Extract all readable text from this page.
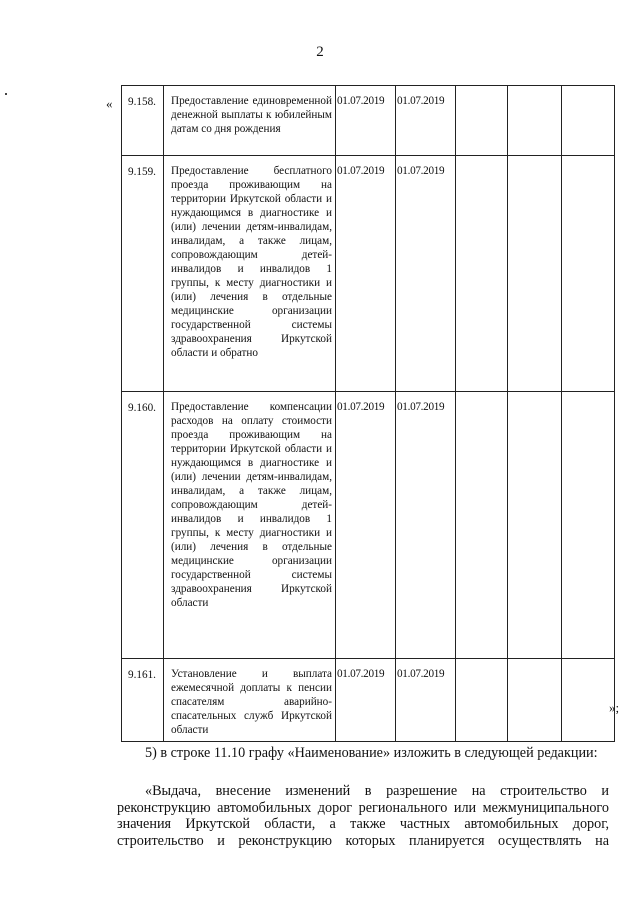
2
«	9.158.	Предоставление единовременной денежной выплаты к юбилейным датам со дня рождения	01.07.2019	01.07.2019			

9.159.	Предоставление бесплатного проезда проживающим на территории Иркутской области и нуждающимся в диагностике и (или) лечении детям-инвалидам, инвалидам, а также лицам, сопровождающим детей-инвалидов и инвалидов 1 группы, к месту диагностики и (или) лечения в отдельные медицинские организации государственной системы здравоохранения Иркутской области и обратно	01.07.2019	01.07.2019			

9.160.	Предоставление компенсации расходов на оплату стоимости проезда проживающим на территории Иркутской области и нуждающимся в диагностике и (или) лечении детям-инвалидам, инвалидам, а также лицам, сопровождающим детей-инвалидов и инвалидов 1 группы, к месту диагностики и (или) лечения в отдельные медицинские организации государственной системы здравоохранения Иркутской области	01.07.2019	01.07.2019			

9.161.	Установление и выплата ежемесячной доплаты к пенсии спасателям аварийно-спасательных служб Иркутской области	01.07.2019	01.07.2019			

»;
5) в строке 11.10 графу «Наименование» изложить в следующей редакции:
«Выдача, внесение изменений в разрешение на строительство и
реконструкцию автомобильных дорог регионального или межмуниципального
значения Иркутской области, а также частных автомобильных дорог,
строительство и реконструкцию которых планируется осуществлять на
